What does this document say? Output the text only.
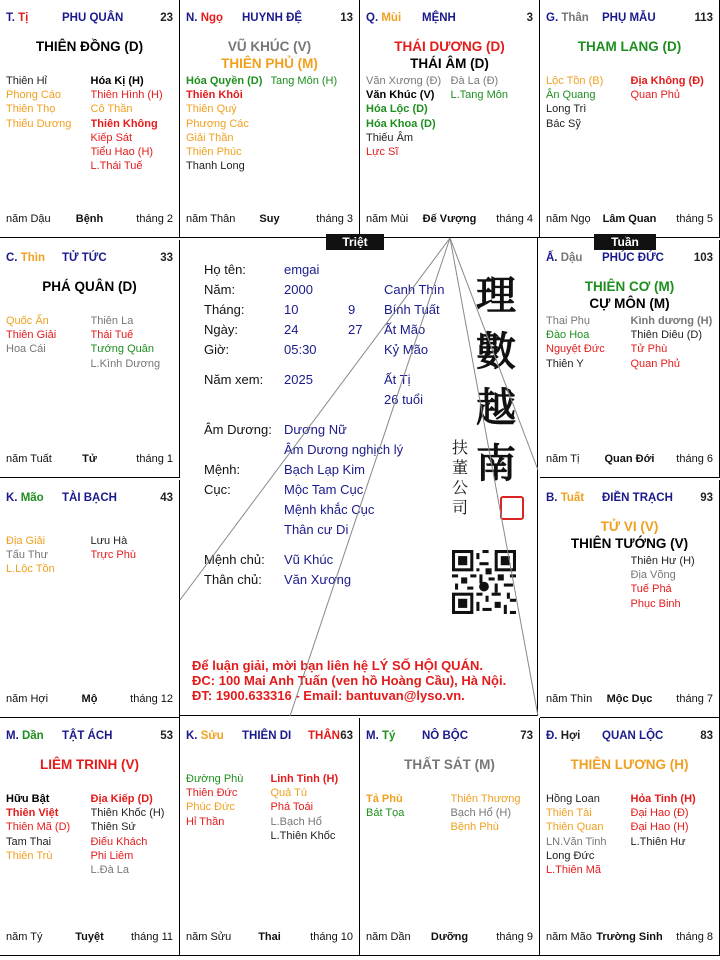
T. Tị	PHU QUÂN	23
THIÊN ĐỒNG (D)
Thiên Hỉ
Phong Cáo
Thiên Thọ
Thiếu Dương
Hóa Kị (H)
Thiên Hình (H)
Cô Thần
Thiên Không
Kiếp Sát
Tiểu Hao (H)
L.Thái Tuế
năm Dậu	Bệnh	tháng 2
N. Ngọ HUYNH ĐỆ	13
VŨ KHÚC (V)
THIÊN PHỦ (M)
Hóa Quyền (D)
Thiên Khôi
Thiên Quý
Phượng Các
Giải Thần
Thiên Phúc
Thanh Long
Tang Môn (H)
năm Thân	Suy	tháng 3
Q. Mùi MỆNH	3
THÁI DƯƠNG (D)
THÁI ÂM (D)
Văn Xương (Đ)
Văn Khúc (V)
Hóa Lộc (D)
Hóa Khoa (D)
Thiếu Âm
Lực Sĩ
Đà La (Đ)
L.Tang Môn
năm Mùi	Đế Vượng	tháng 4
G. Thân PHỤ MẪU	113
THAM LANG (D)
Lộc Tồn (B)
Ân Quang
Long Trì
Bác Sỹ
Địa Không (Đ)
Quan Phủ
năm Ngọ	Lâm Quan	tháng 5
C. Thìn TỬ TỨC	33
PHÁ QUÂN (D)
Quốc Ấn
Thiên Giải
Hoa Cái
Thiên La
Thái Tuế
Tướng Quân
L.Kình Dương
năm Tuất	Tử	tháng 1
Ấ. Dậu PHÚC ĐỨC	103
THIÊN CƠ (M)
CỰ MÔN (M)
Thai Phụ
Đào Hoa
Nguyệt Đức
Thiên Y
Kình dương (H)
Thiên Diêu (D)
Tử Phù
Quan Phủ
năm Tị	Quan Đới	tháng 6
K. Mão TÀI BẠCH	43
Địa Giải
Tấu Thư
L.Lộc Tồn
Lưu Hà
Trực Phù
năm Hợi	Mộ	tháng 12
B. Tuất ĐIỀN TRẠCH 93
TỬ VI (V)
THIÊN TƯỚNG (V)
Thiên Hư (H)
Địa Võng
Tuế Phá
Phục Binh
năm Thìn	Mộc Dục	tháng 7
M. Dần TẬT ÁCH	53
LIÊM TRINH (V)
Hữu Bật
Thiên Việt
Thiên Mã (D)
Tam Thai
Thiên Trù
Địa Kiếp (D)
Thiên Khốc (H)
Thiên Sứ
Điếu Khách
Phi Liêm
L.Đà La
năm Tý	Tuyệt	tháng 11
K. Sửu THIÊN DI THÂN 63
Đường Phù
Thiên Đức
Phúc Đức
Hỉ Thần
Linh Tinh (H)
Quả Tú
Phá Toái
L.Bạch Hổ
L.Thiên Khốc
năm Sửu	Thai	tháng 10
M. Tý NÔ BỘC	73
THẤT SÁT (M)
Tả Phù
Bát Tọa
Thiên Thương
Bạch Hổ (H)
Bệnh Phù
năm Dần	Dưỡng	tháng 9
Đ. Hợi QUAN LỘC	83
THIÊN LƯƠNG (H)
Hồng Loan
Thiên Tài
Thiên Quan
LN.Văn Tinh
Long Đức
L.Thiên Mã
Hỏa Tinh (H)
Đại Hao (Đ)
Đại Hao (H)
L.Thiên Hư
năm Mão Trường Sinh	tháng 8
Triệt	Tuần
Họ tên:	emgai
Năm:	2000	Canh Thìn
Tháng:	10	9 Bính Tuất
Ngày:	24	27 Ất Mão
Giờ:	05:30	Kỷ Mão
Năm xem: 2025	Ất Tị
26 tuổi
Âm Dương: Dương Nữ
Âm Dương nghịch lý
Mệnh:	Bạch Lạp Kim
Cục:	Mộc Tam Cục
Mệnh khắc Cục
Thân cư Di
Mệnh chủ: Vũ Khúc
Thân chủ: Văn Xương
理
數
越
南
扶
董
公
司
Để luận giải, mời bạn liên hệ LÝ SỐ HỘI QUÁN.
ĐC: 100 Mai Anh Tuấn (ven hồ Hoàng Cầu), Hà Nội.
ĐT: 1900.633316 - Email: bantuvan@lyso.vn.
